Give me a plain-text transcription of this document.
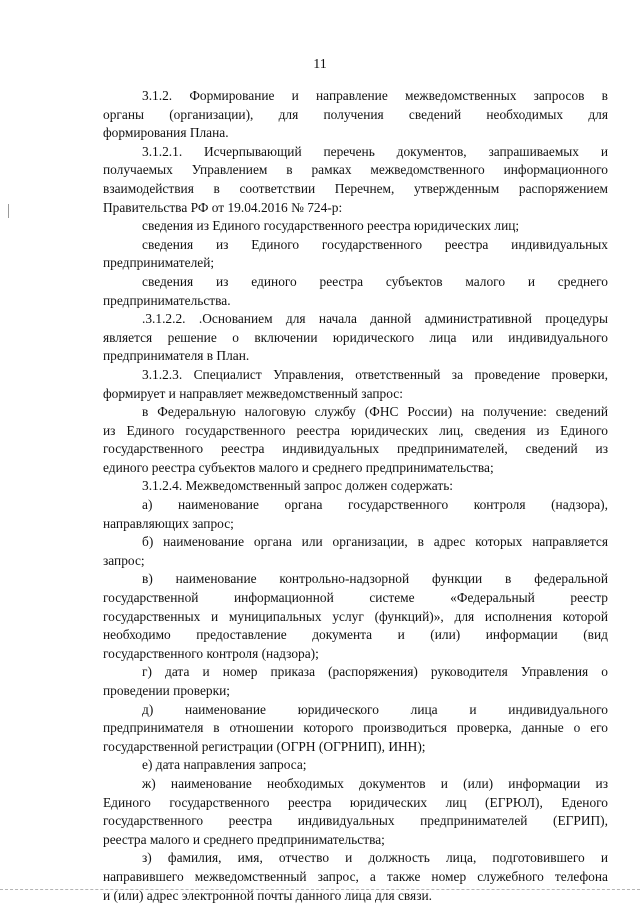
11
3.1.2. Формирование и направление межведомственных запросов в
органы (организации), для получения сведений необходимых для
формирования Плана.
3.1.2.1. Исчерпывающий перечень документов, запрашиваемых и
получаемых Управлением в рамках межведомственного информационного
взаимодействия в соответствии Перечнем, утвержденным распоряжением
Правительства РФ от 19.04.2016 № 724-р:
сведения из Единого государственного реестра юридических лиц;
сведения из Единого государственного реестра индивидуальных
предпринимателей;
сведения из единого реестра субъектов малого и среднего
предпринимательства.
.3.1.2.2. .Основанием для начала данной административной процедуры
является решение о включении юридического лица или индивидуального
предпринимателя в План.
3.1.2.3. Специалист Управления, ответственный за проведение проверки,
формирует и направляет межведомственный запрос:
в Федеральную налоговую службу (ФНС России) на получение: сведений
из Единого государственного реестра юридических лиц, сведения из Единого
государственного реестра индивидуальных предпринимателей, сведений из
единого реестра субъектов малого и среднего предпринимательства;
3.1.2.4. Межведомственный запрос должен содержать:
а) наименование органа государственного контроля (надзора),
направляющих запрос;
б) наименование органа или организации, в адрес которых направляется
запрос;
в) наименование контрольно-надзорной функции в федеральной
государственной информационной системе «Федеральный реестр
государственных и муниципальных услуг (функций)», для исполнения которой
необходимо предоставление документа и (или) информации (вид
государственного контроля (надзора);
г) дата и номер приказа (распоряжения) руководителя Управления о
проведении проверки;
д) наименование юридического лица и индивидуального
предпринимателя в отношении которого производиться проверка, данные о его
государственной регистрации (ОГРН (ОГРНИП), ИНН);
е) дата направления запроса;
ж) наименование необходимых документов и (или) информации из
Единого государственного реестра юридических лиц (ЕГРЮЛ), Еденого
государственного реестра индивидуальных предпринимателей (ЕГРИП),
реестра малого и среднего предпринимательства;
з) фамилия, имя, отчество и должность лица, подготовившего и
направившего межведомственный запрос, а также номер служебного телефона
и (или) адрес электронной почты данного лица для связи.
